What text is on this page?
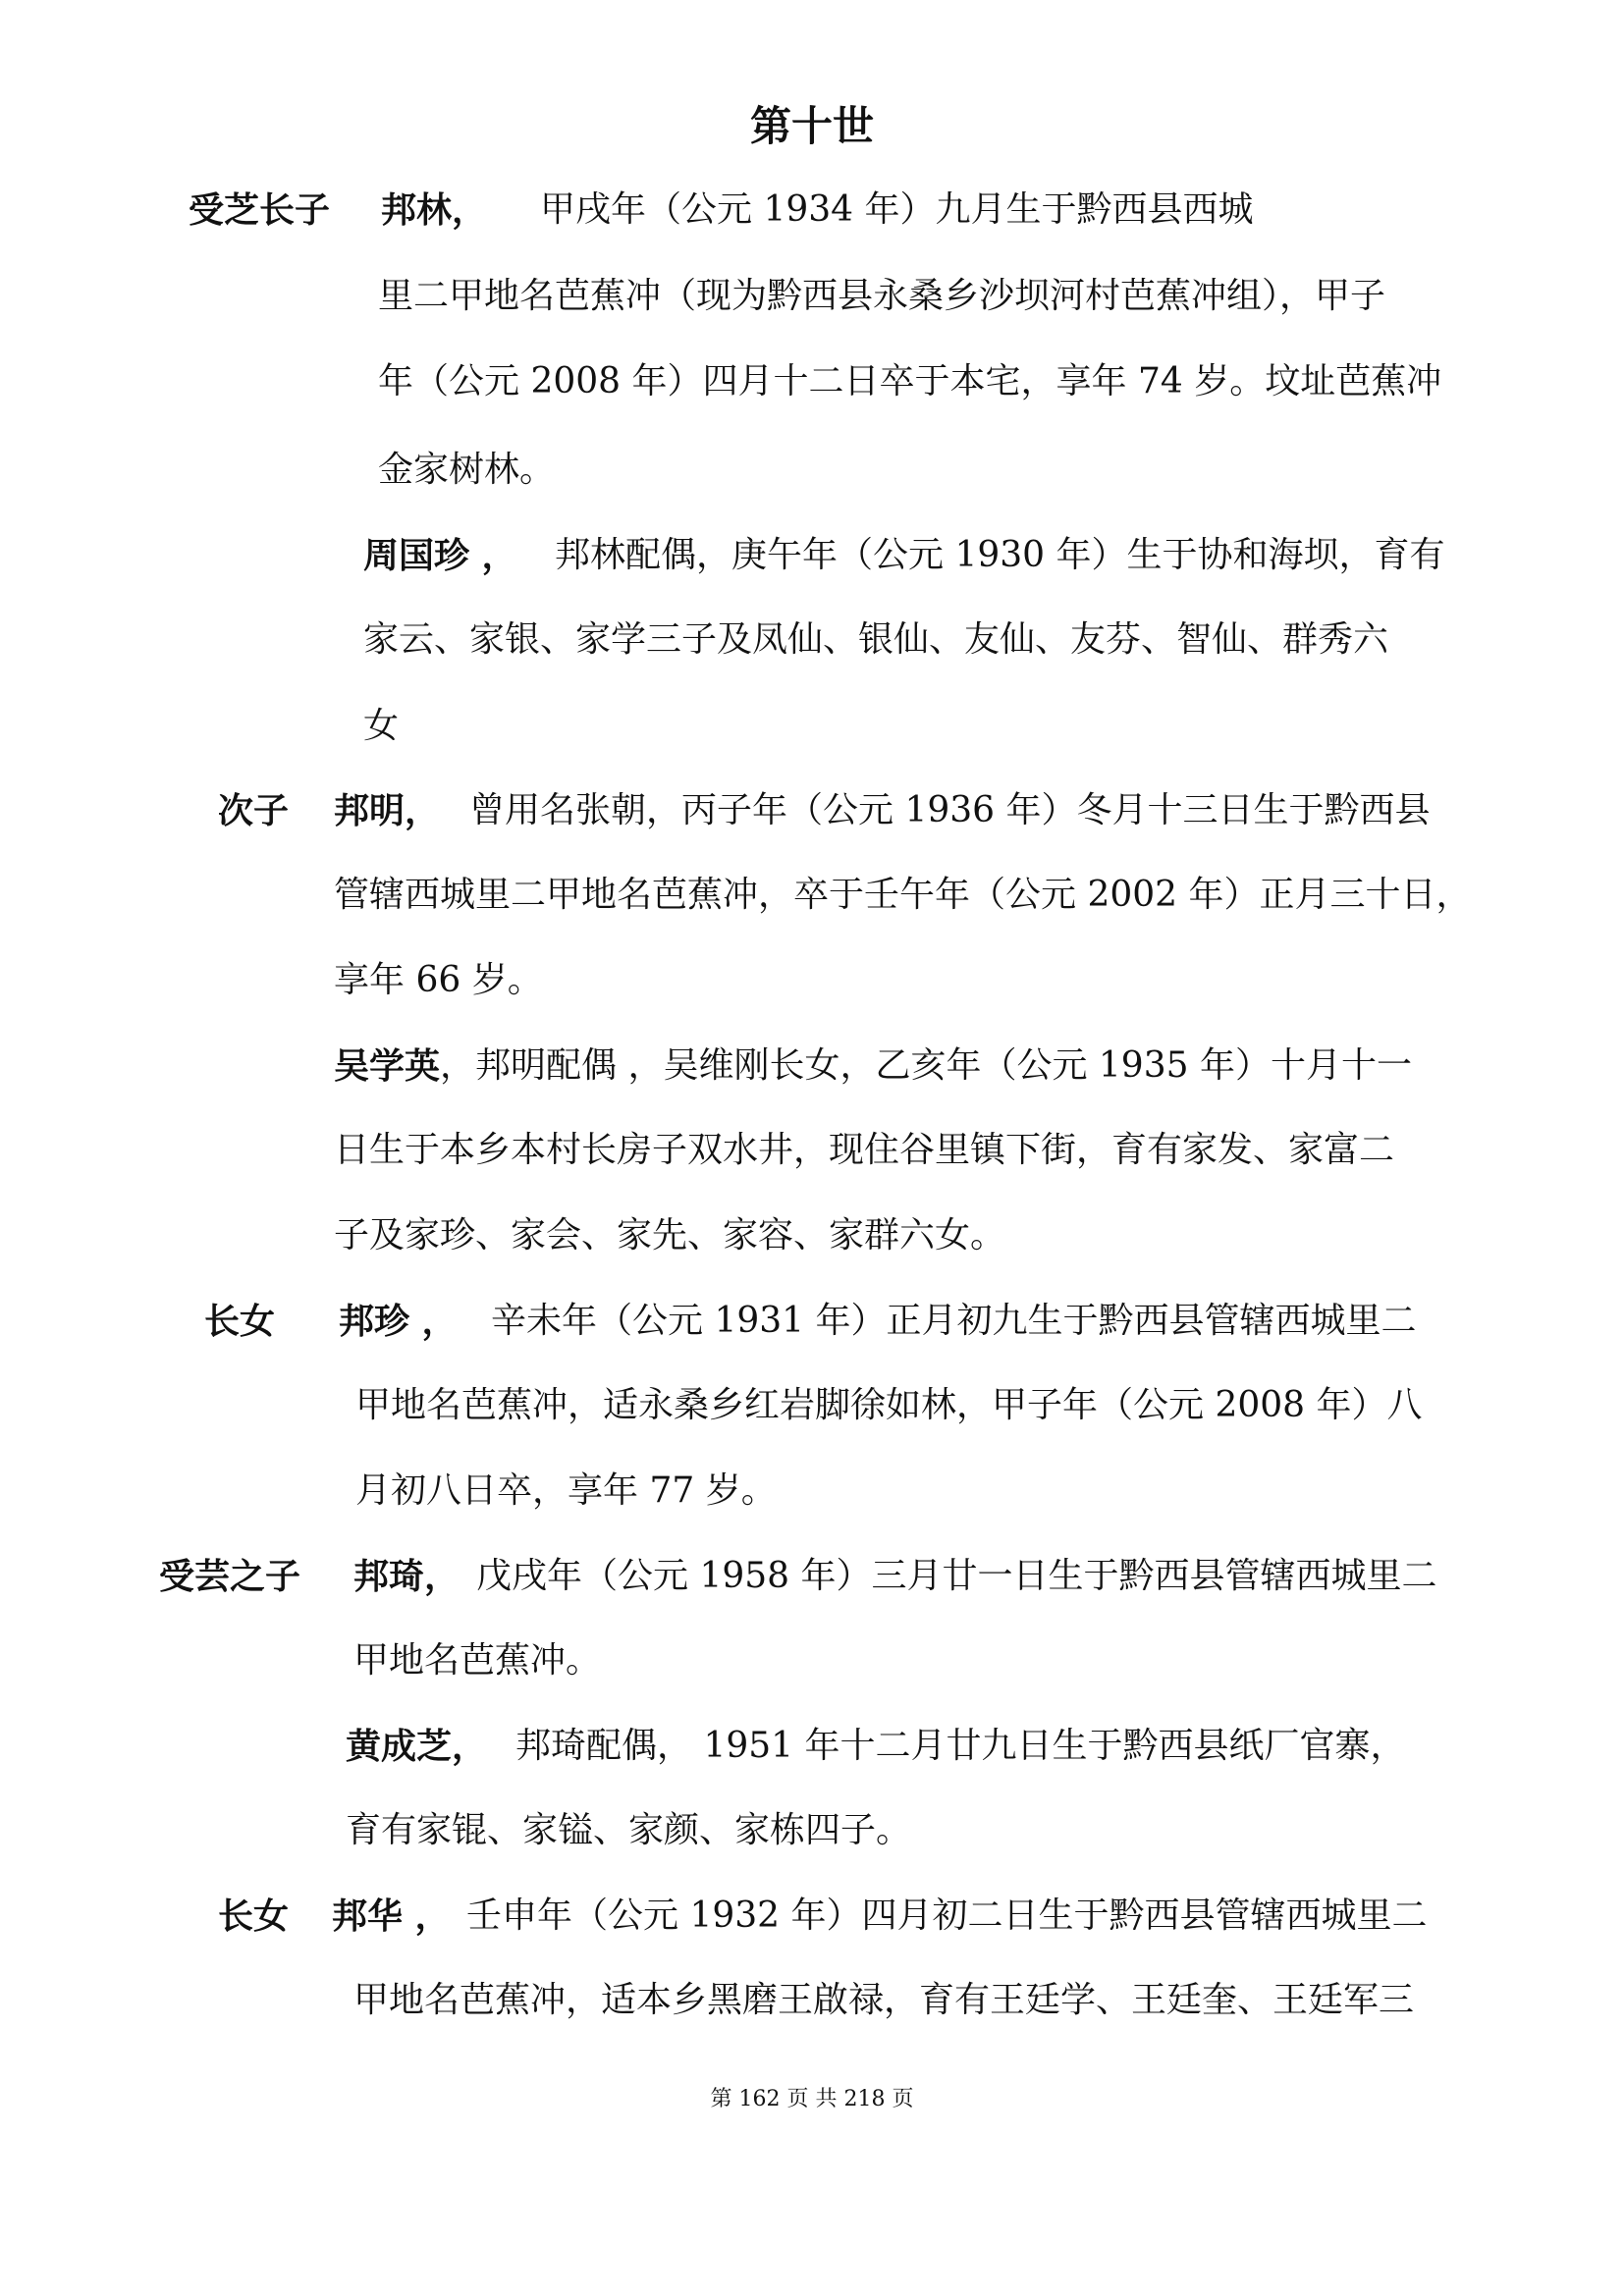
第十世
受芝长子 邦林， 甲戌年（公元 1934 年）九月生于黔西县西城
里二甲地名芭蕉冲（现为黔西县永桑乡沙坝河村芭蕉冲组），甲子
年（公元 2008 年）四月十二日卒于本宅，享年 74 岁。坟址芭蕉冲
金家树林。
周国珍 ， 邦林配偶，庚午年（公元 1930 年）生于协和海坝，育有
家云、家银、家学三子及凤仙、银仙、友仙、友芬、智仙、群秀六
女
次子 邦明， 曾用名张朝，丙子年（公元 1936 年）冬月十三日生于黔西县
管辖西城里二甲地名芭蕉冲，卒于壬午年（公元 2002 年）正月三十日，
享年 66 岁。
吴学英 ，邦明配偶 ，吴维刚长女，乙亥年（公元 1935 年）十月十一
日生于本乡本村长房子双水井，现住谷里镇下街，育有家发、家富二
子及家珍、家会、家先、家容、家群六女。
长女 邦珍 ， 辛未年（公元 1931 年）正月初九生于黔西县管辖西城里二
甲地名芭蕉冲，适永桑乡红岩脚徐如林，甲子年（公元 2008 年）八
月初八日卒，享年 77 岁。
受芸之子 邦琦， 戊戌年（公元 1958 年）三月廿一日生于黔西县管辖西城里二
甲地名芭蕉冲。
黄成芝， 邦琦配偶， 1951 年十二月廿九日生于黔西县纸厂官寨，
育有家锟、家镒、家颜、家栋四子。
长女 邦华 ， 壬申年（公元 1932 年）四月初二日生于黔西县管辖西城里二
甲地名芭蕉冲，适本乡黑磨王啟禄，育有王廷学、王廷奎、王廷军三
第 162 页 共 218 页
